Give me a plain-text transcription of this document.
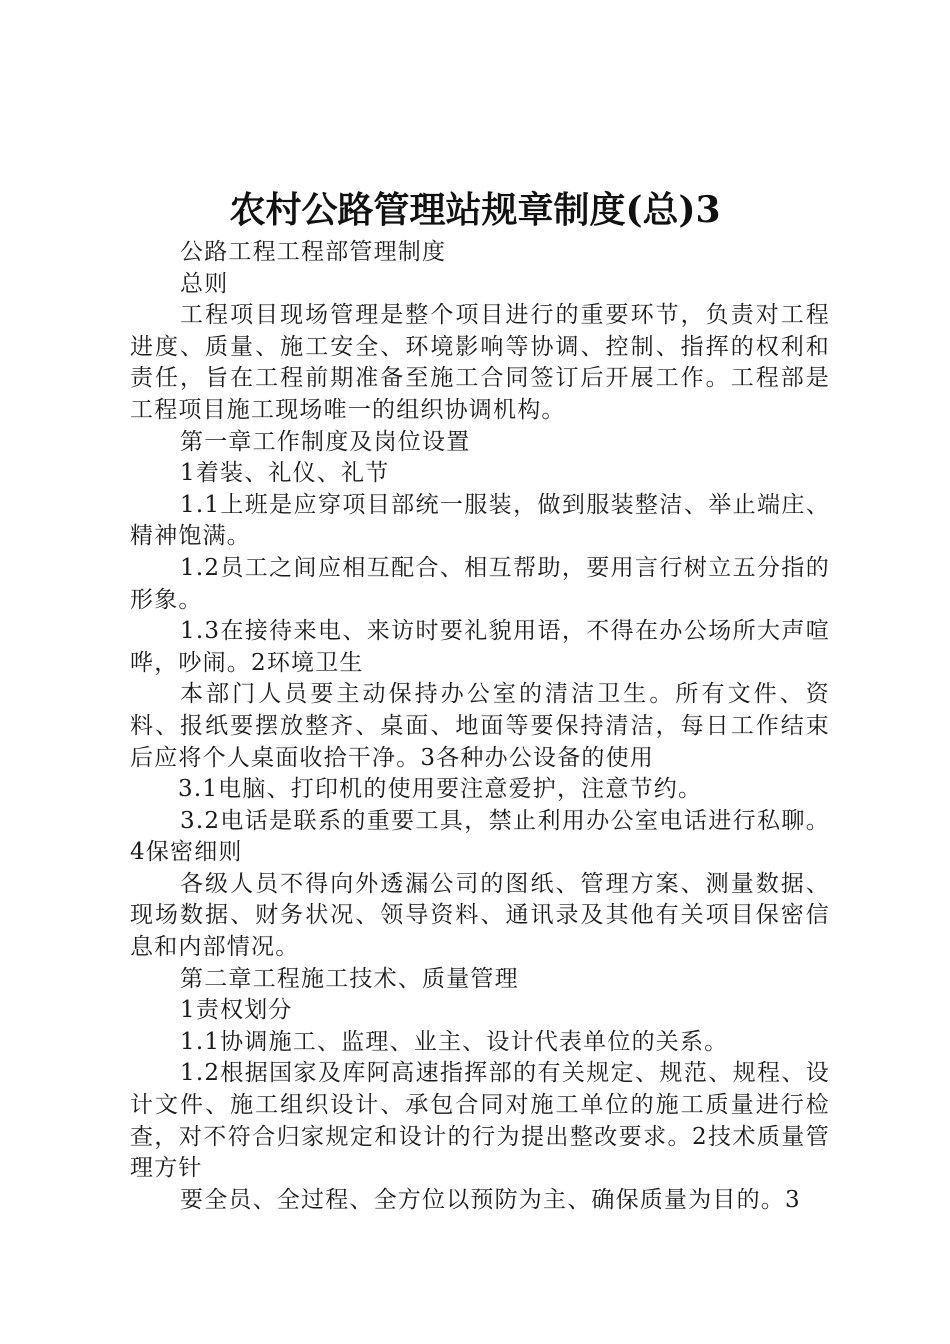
农村公路管理站规章制度(总)3

公路工程工程部管理制度

总则

工程项目现场管理是整个项目进行的重要环节，负责对工程进度、质量、施工安全、环境影响等协调、控制、指挥的权利和责任，旨在工程前期准备至施工合同签订后开展工作。工程部是工程项目施工现场唯一的组织协调机构。

第一章工作制度及岗位设置

1着装、礼仪、礼节

1.1上班是应穿项目部统一服装，做到服装整洁、举止端庄、精神饱满。

1.2员工之间应相互配合、相互帮助，要用言行树立五分指的形象。

1.3在接待来电、来访时要礼貌用语，不得在办公场所大声喧哗，吵闹。2环境卫生

本部门人员要主动保持办公室的清洁卫生。所有文件、资料、报纸要摆放整齐、桌面、地面等要保持清洁，每日工作结束后应将个人桌面收拾干净。3各种办公设备的使用

3.1电脑、打印机的使用要注意爱护，注意节约。

3.2电话是联系的重要工具，禁止利用办公室电话进行私聊。4保密细则

各级人员不得向外透漏公司的图纸、管理方案、测量数据、现场数据、财务状况、领导资料、通讯录及其他有关项目保密信息和内部情况。

第二章工程施工技术、质量管理

1责权划分

1.1协调施工、监理、业主、设计代表单位的关系。

1.2根据国家及库阿高速指挥部的有关规定、规范、规程、设计文件、施工组织设计、承包合同对施工单位的施工质量进行检查，对不符合归家规定和设计的行为提出整改要求。2技术质量管理方针

要全员、全过程、全方位以预防为主、确保质量为目的。3
